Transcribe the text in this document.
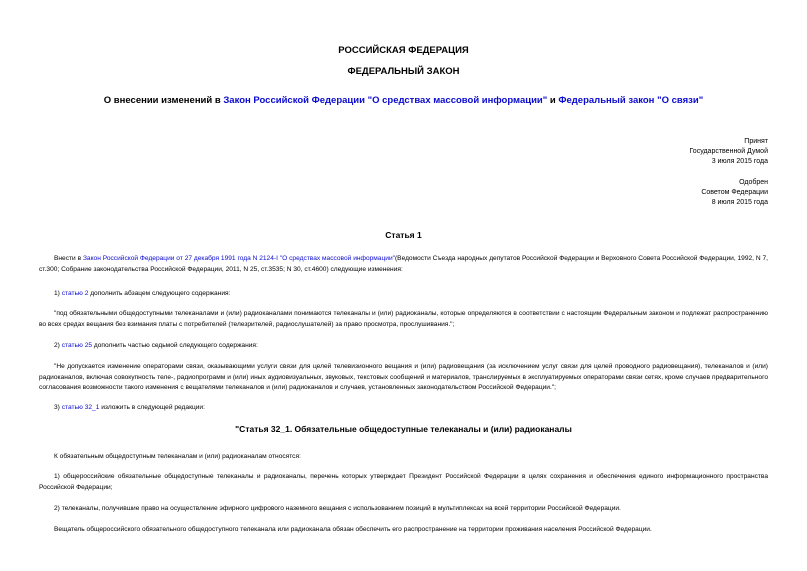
РОССИЙСКАЯ ФЕДЕРАЦИЯ
ФЕДЕРАЛЬНЫЙ ЗАКОН
О внесении изменений в Закон Российской Федерации "О средствах массовой информации" и Федеральный закон "О связи"
Принят
Государственной Думой
3 июля 2015 года
Одобрен
Советом Федерации
8 июля 2015 года
Статья 1
Внести в Закон Российской Федерации от 27 декабря 1991 года N 2124-I "О средствах массовой информации"(Ведомости Съезда народных депутатов Российской Федерации и Верховного Совета Российской Федерации, 1992, N 7, ст.300; Собрание законодательства Российской Федерации, 2011, N 25, ст.3535; N 30, ст.4600) следующие изменения:
1) статью 2 дополнить абзацем следующего содержания:
"под обязательными общедоступными телеканалами и (или) радиоканалами понимаются телеканалы и (или) радиоканалы, которые определяются в соответствии с настоящим Федеральным законом и подлежат распространению во всех средах вещания без взимания платы с потребителей (телезрителей, радиослушателей) за право просмотра, прослушивания.";
2) статью 25 дополнить частью седьмой следующего содержания:
"Не допускается изменение операторами связи, оказывающими услуги связи для целей телевизионного вещания и (или) радиовещания (за исключением услуг связи для целей проводного радиовещания), телеканалов и (или) радиоканалов, включая совокупность теле-, радиопрограмм и (или) иных аудиовизуальных, звуковых, текстовых сообщений и материалов, транслируемых в эксплуатируемых операторами связи сетях, кроме случаев предварительного согласования возможности такого изменения с вещателями телеканалов и (или) радиоканалов и случаев, установленных законодательством Российской Федерации.";
3) статью 32_1 изложить в следующей редакции:
"Статья 32_1. Обязательные общедоступные телеканалы и (или) радиоканалы
К обязательным общедоступным телеканалам и (или) радиоканалам относятся:
1) общероссийские обязательные общедоступные телеканалы и радиоканалы, перечень которых утверждает Президент Российской Федерации в целях сохранения и обеспечения единого информационного пространства Российской Федерации;
2) телеканалы, получившие право на осуществление эфирного цифрового наземного вещания с использованием позиций в мультиплексах на всей территории Российской Федерации.
Вещатель общероссийского обязательного общедоступного телеканала или радиоканала обязан обеспечить его распространение на территории проживания населения Российской Федерации.
